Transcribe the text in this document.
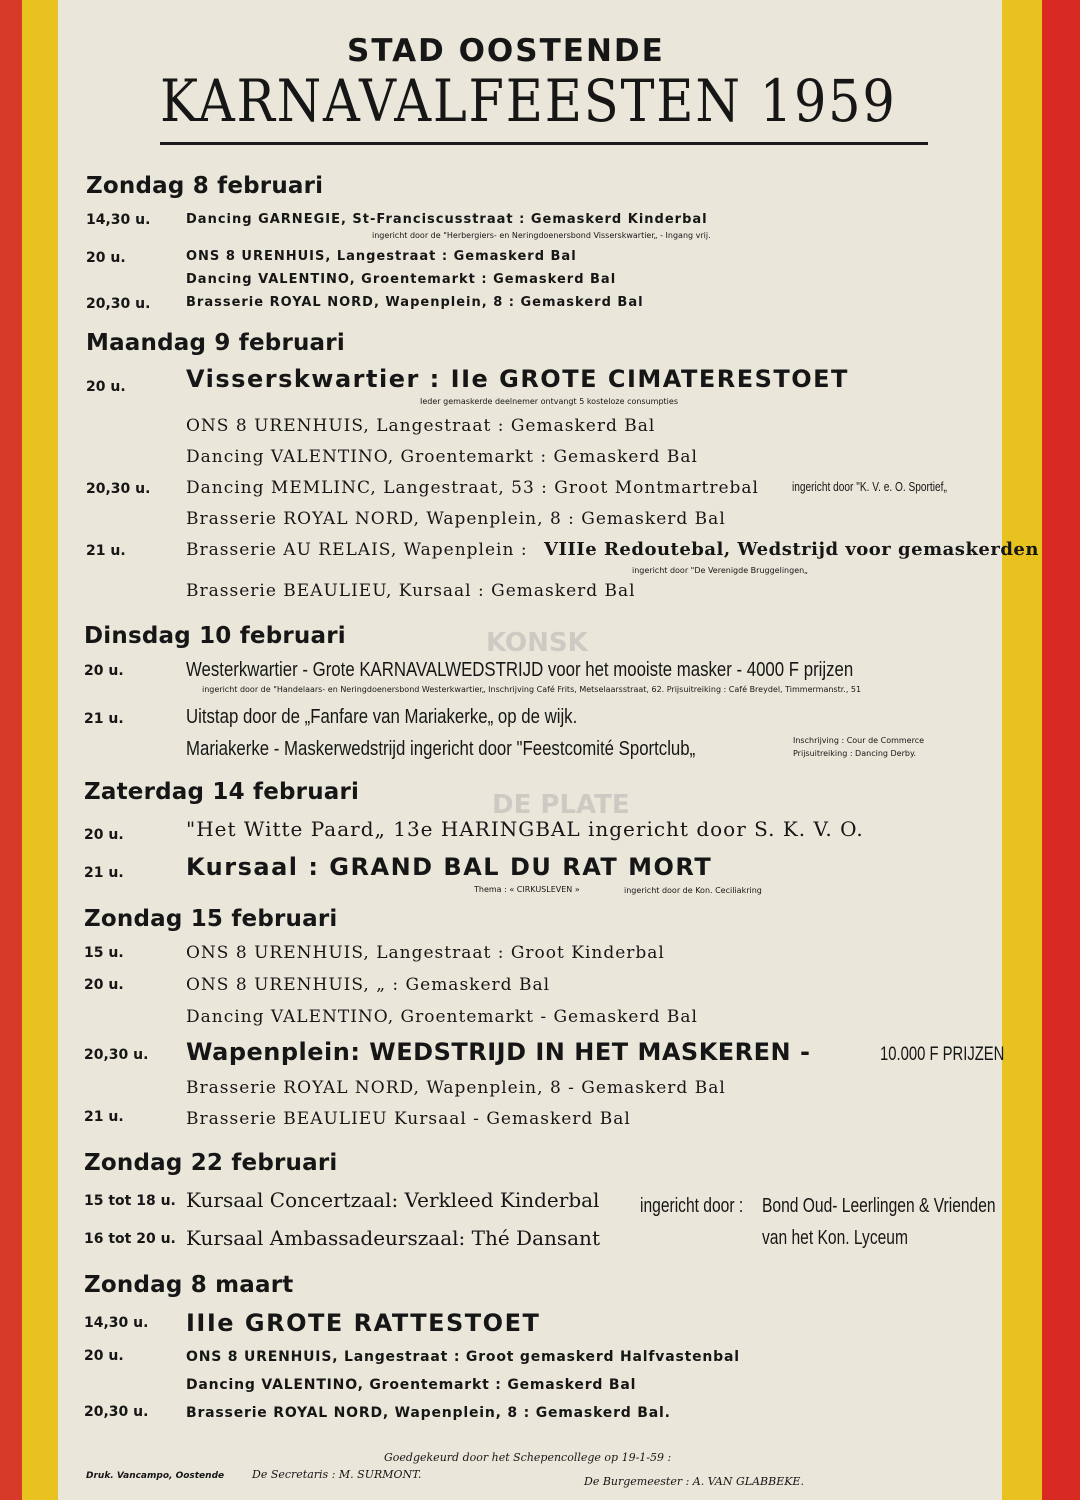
KONSK
DE PLATE
STAD OOSTENDE
KARNAVALFEESTEN 1959
Zondag 8 februari
14,30 u.	Dancing GARNEGIE, St-Franciscusstraat : Gemaskerd Kinderbal
ingericht door de "Herbergiers- en Neringdoenersbond Visserskwartier„ - Ingang vrij.
20 u.	ONS 8 URENHUIS, Langestraat : Gemaskerd Bal
Dancing VALENTINO, Groentemarkt : Gemaskerd Bal
20,30 u.	Brasserie ROYAL NORD, Wapenplein, 8 : Gemaskerd Bal
Maandag 9 februari
20 u.	Visserskwartier : IIe GROTE CIMATERESTOET
Ieder gemaskerde deelnemer ontvangt 5 kosteloze consumpties
ONS 8 URENHUIS, Langestraat : Gemaskerd Bal
Dancing VALENTINO, Groentemarkt : Gemaskerd Bal
20,30 u. Dancing MEMLINC, Langestraat, 53 : Groot Montmartrebal	ingericht door "K. V. e. O. Sportief„
Brasserie ROYAL NORD, Wapenplein, 8 : Gemaskerd Bal
21 u.	Brasserie AU RELAIS, Wapenplein : VIIIe Redoutebal, Wedstrijd voor gemaskerden
ingericht door "De Verenigde Bruggelingen„
Brasserie BEAULIEU, Kursaal : Gemaskerd Bal
Dinsdag 10 februari
20 u.	Westerkwartier - Grote KARNAVALWEDSTRIJD voor het mooiste masker - 4000 F prijzen
ingericht door de "Handelaars- en Neringdoenersbond Westerkwartier„ Inschrijving Café Frits, Metselaarsstraat, 62. Prijsuitreiking : Café Breydel, Timmermanstr., 51
21 u.	Uitstap door de „Fanfare van Mariakerke„ op de wijk.
Mariakerke - Maskerwedstrijd ingericht door "Feestcomité Sportclub„	Inschrijving : Cour de Commerce
Prijsuitreiking : Dancing Derby.
Zaterdag 14 februari
20 u.	"Het Witte Paard„ 13e HARINGBAL ingericht door S. K. V. O.
21 u.	Kursaal : GRAND BAL DU RAT MORT
Thema : « CIRKUSLEVEN »	ingericht door de Kon. Ceciliakring
Zondag 15 februari
15 u.	ONS 8 URENHUIS, Langestraat : Groot Kinderbal
20 u.	ONS 8 URENHUIS, „ : Gemaskerd Bal
Dancing VALENTINO, Groentemarkt - Gemaskerd Bal
20,30 u. Wapenplein: WEDSTRIJD IN HET MASKEREN -	10.000 F PRIJZEN
Brasserie ROYAL NORD, Wapenplein, 8 - Gemaskerd Bal
21 u.	Brasserie BEAULIEU Kursaal - Gemaskerd Bal
Zondag 22 februari
15 tot 18 u. Kursaal Concertzaal: Verkleed Kinderbal
16 tot 20 u. Kursaal Ambassadeurszaal: Thé Dansant
ingericht door : Bond Oud- Leerlingen & Vrienden
van het Kon. Lyceum
Zondag 8 maart
14,30 u. IIIe GROTE RATTESTOET
20 u.	ONS 8 URENHUIS, Langestraat : Groot gemaskerd Halfvastenbal
Dancing VALENTINO, Groentemarkt : Gemaskerd Bal
20,30 u.	Brasserie ROYAL NORD, Wapenplein, 8 : Gemaskerd Bal.
Goedgekeurd door het Schepencollege op 19-1-59 :
Druk. Vancampo, Oostende	De Secretaris : M. SURMONT.
De Burgemeester : A. VAN GLABBEKE.
